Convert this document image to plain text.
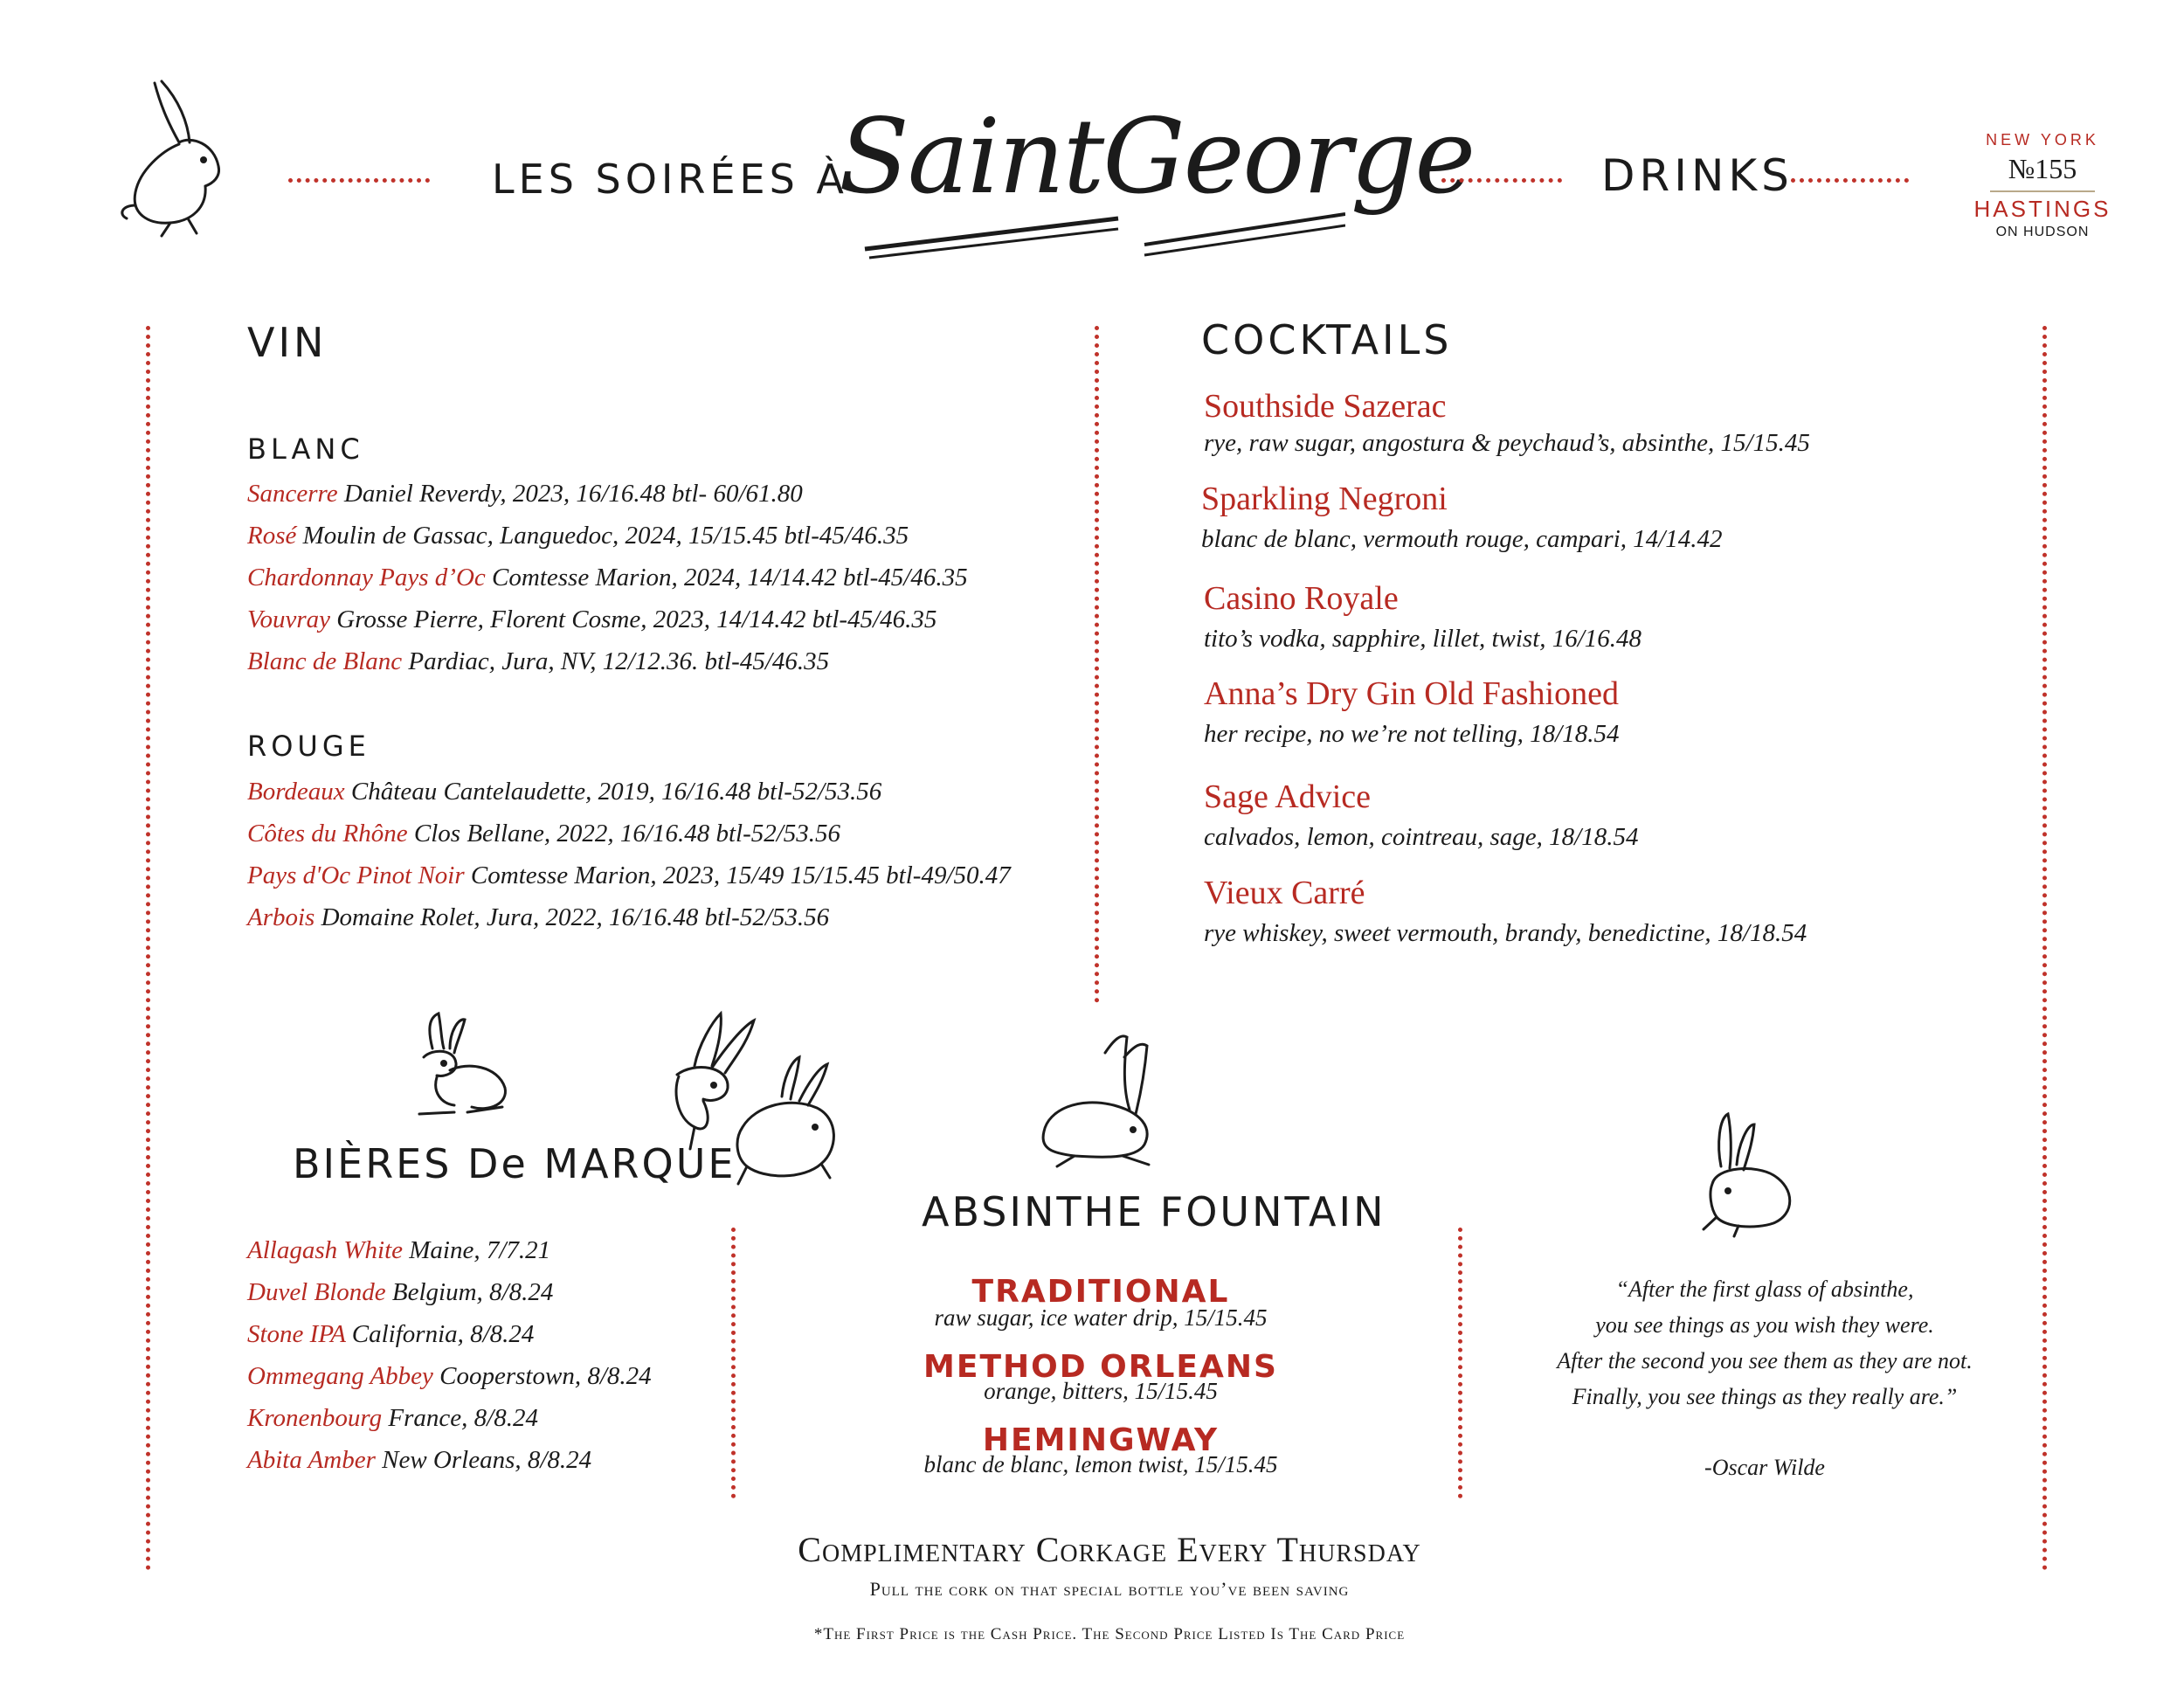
LES SOIRÉES À
SaintGeorge	DRINKS
NEW YORK
№155
HASTINGS
ON HUDSON
VIN
BLANC
Sancerre Daniel Reverdy, 2023, 16/16.48 btl- 60/61.80
Rosé Moulin de Gassac, Languedoc, 2024, 15/15.45 btl-45/46.35
Chardonnay Pays d’Oc Comtesse Marion, 2024, 14/14.42 btl-45/46.35
Vouvray Grosse Pierre, Florent Cosme, 2023, 14/14.42 btl-45/46.35
Blanc de Blanc Pardiac, Jura, NV, 12/12.36. btl-45/46.35
ROUGE
Bordeaux Château Cantelaudette, 2019, 16/16.48 btl-52/53.56
Côtes du Rhône Clos Bellane, 2022, 16/16.48 btl-52/53.56
Pays d'Oc Pinot Noir Comtesse Marion, 2023, 15/49 15/15.45 btl-49/50.47
Arbois Domaine Rolet, Jura, 2022, 16/16.48 btl-52/53.56
COCKTAILS
Southside Sazerac
rye, raw sugar, angostura & peychaud’s, absinthe, 15/15.45
Sparkling Negroni
blanc de blanc, vermouth rouge, campari, 14/14.42
Casino Royale
tito’s vodka, sapphire, lillet, twist, 16/16.48
Anna’s Dry Gin Old Fashioned
her recipe, no we’re not telling, 18/18.54
Sage Advice
calvados, lemon, cointreau, sage, 18/18.54
Vieux Carré
rye whiskey, sweet vermouth, brandy, benedictine, 18/18.54
BIÈRES De MARQUE
Allagash White Maine, 7/7.21
Duvel Blonde Belgium, 8/8.24
Stone IPA California, 8/8.24
Ommegang Abbey Cooperstown, 8/8.24
Kronenbourg France, 8/8.24
Abita Amber New Orleans, 8/8.24
ABSINTHE FOUNTAIN
TRADITIONAL
raw sugar, ice water drip, 15/15.45
METHOD ORLEANS
orange, bitters, 15/15.45
HEMINGWAY
blanc de blanc, lemon twist, 15/15.45
“After the first glass of absinthe,
you see things as you wish they were.
After the second you see them as they are not.
Finally, you see things as they really are.”
-Oscar Wilde
Complimentary Corkage Every Thursday
Pull the cork on that special bottle you’ve been saving
*The First Price is the Cash Price. The Second Price Listed Is The Card Price
